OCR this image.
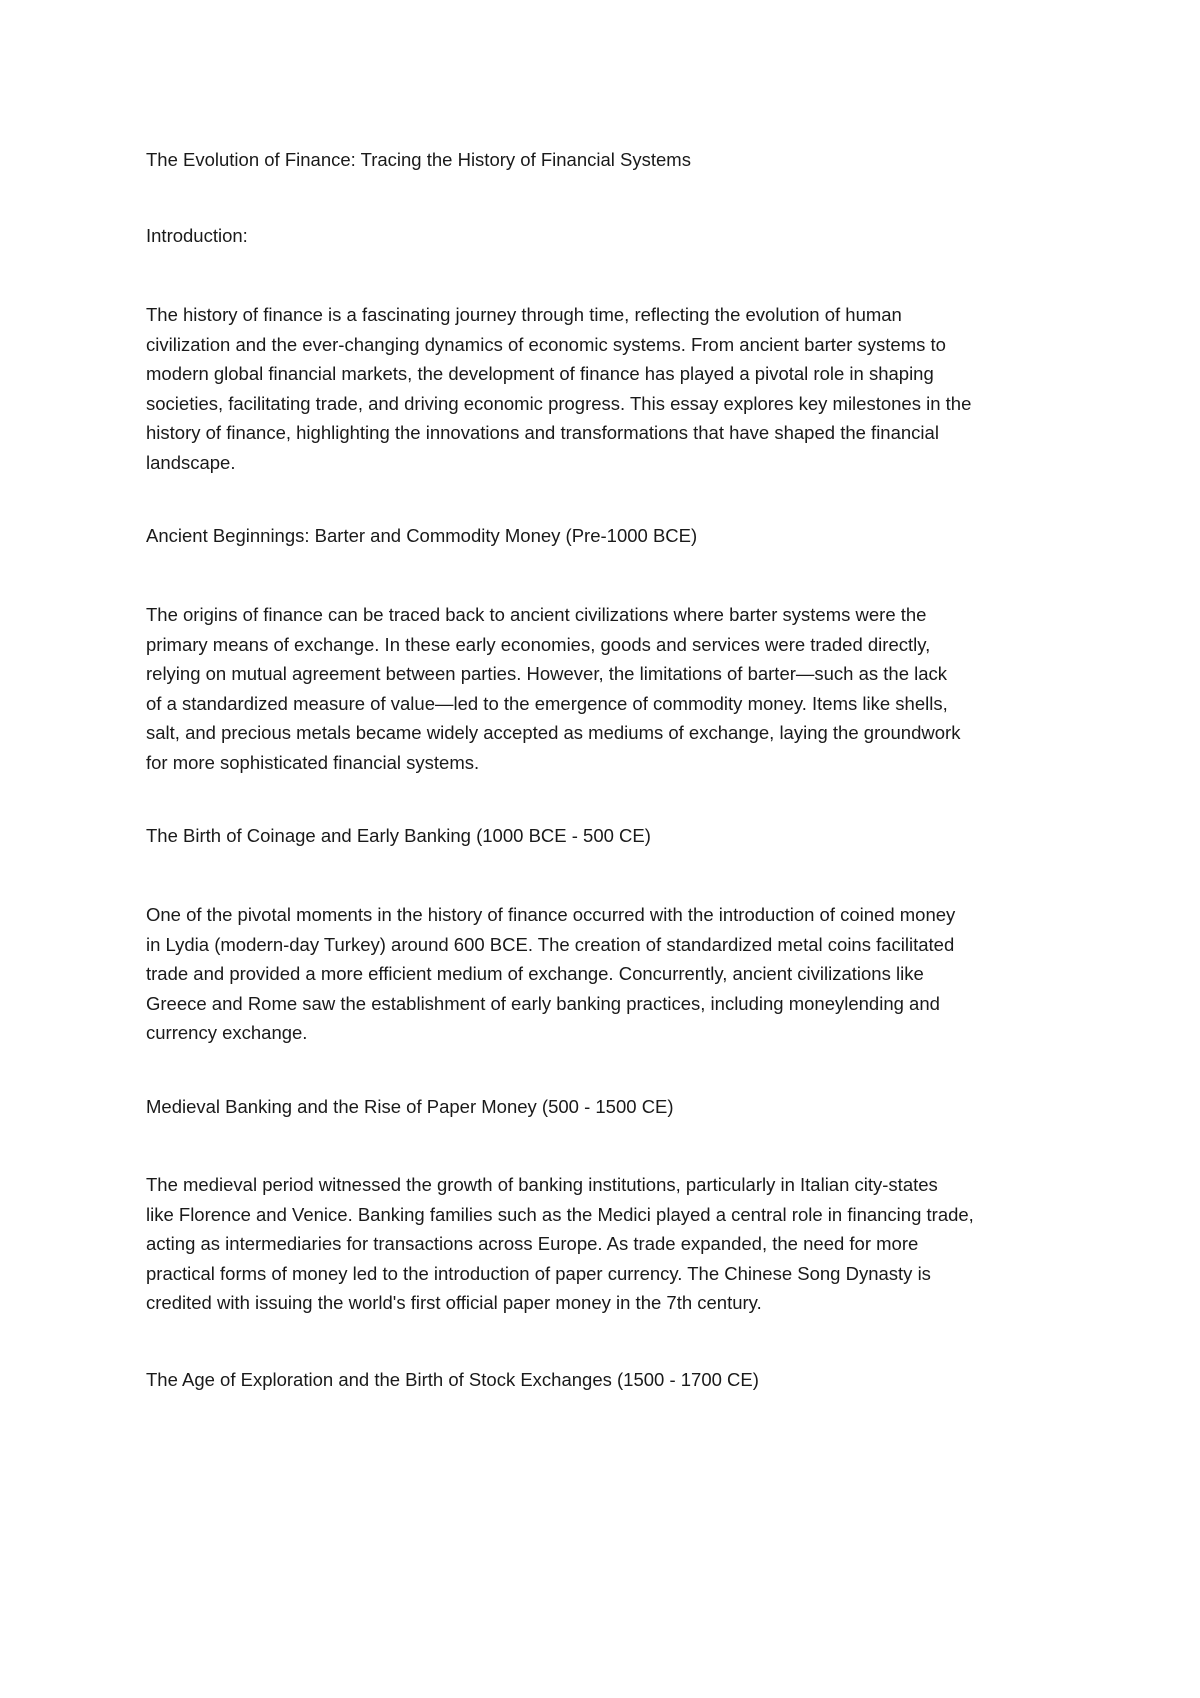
The Evolution of Finance: Tracing the History of Financial Systems

Introduction:

The history of finance is a fascinating journey through time, reflecting the evolution of human
civilization and the ever-changing dynamics of economic systems. From ancient barter systems to
modern global financial markets, the development of finance has played a pivotal role in shaping
societies, facilitating trade, and driving economic progress. This essay explores key milestones in the
history of finance, highlighting the innovations and transformations that have shaped the financial
landscape.

Ancient Beginnings: Barter and Commodity Money (Pre-1000 BCE)

The origins of finance can be traced back to ancient civilizations where barter systems were the
primary means of exchange. In these early economies, goods and services were traded directly,
relying on mutual agreement between parties. However, the limitations of barter—such as the lack
of a standardized measure of value—led to the emergence of commodity money. Items like shells,
salt, and precious metals became widely accepted as mediums of exchange, laying the groundwork
for more sophisticated financial systems.

The Birth of Coinage and Early Banking (1000 BCE - 500 CE)

One of the pivotal moments in the history of finance occurred with the introduction of coined money
in Lydia (modern-day Turkey) around 600 BCE. The creation of standardized metal coins facilitated
trade and provided a more efficient medium of exchange. Concurrently, ancient civilizations like
Greece and Rome saw the establishment of early banking practices, including moneylending and
currency exchange.

Medieval Banking and the Rise of Paper Money (500 - 1500 CE)

The medieval period witnessed the growth of banking institutions, particularly in Italian city-states
like Florence and Venice. Banking families such as the Medici played a central role in financing trade,
acting as intermediaries for transactions across Europe. As trade expanded, the need for more
practical forms of money led to the introduction of paper currency. The Chinese Song Dynasty is
credited with issuing the world's first official paper money in the 7th century.

The Age of Exploration and the Birth of Stock Exchanges (1500 - 1700 CE)
